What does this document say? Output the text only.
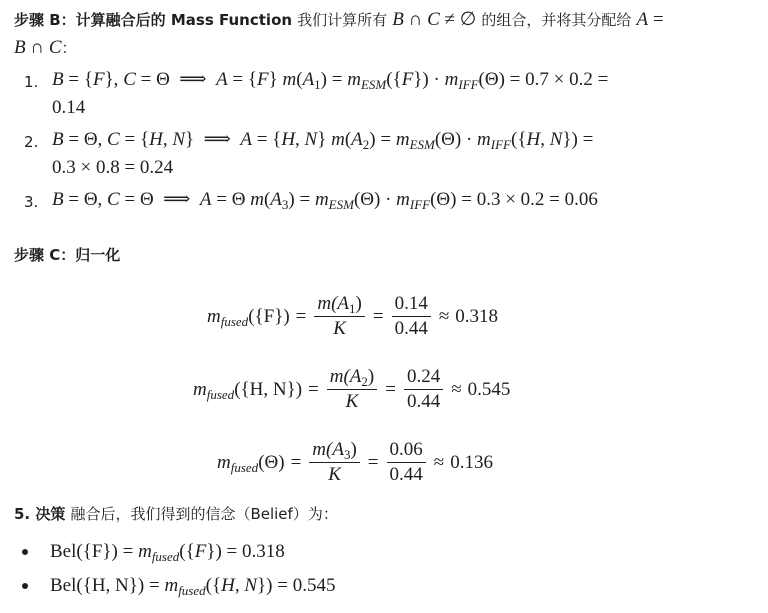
步骤 B：计算融合后的 Mass Function 我们计算所有 B ∩ C ≠ ∅ 的组合，并将其分配给 A =
B ∩ C：
1. B = {F}, C = Θ  ⟹  A = {F} $m(A_1) = m_{ESM}(\{F\}) \cdot m_{IFF}(\Theta) = 0.7 \times 0.2$ =
0.14
2. B = Θ, C = {H, N}  ⟹  A = {H, N} $m(A_2) = m_{ESM}(\Theta) \cdot m_{IFF}(\{H$, N}) =
0.3 × 0.8 = 0.24
3. B = Θ, C = Θ  ⟹  A = Θ $m(A_3) = m_{ESM}(\Theta) \cdot m_{IFF}(\Theta) = 0.3 \times 0.2 = 0.06$
步骤 C：归一化
$m_{fused}(\{F\}) = \frac{m(A_1)}{K} = \frac{0.14}{0.44} \approx 0.318$
$m_{fused}(\{H$, $N\}) = \frac{m(A_2)}{K} = \frac{0.24}{0.44} \approx 0.545$
$m_{fused}(\Theta) = \frac{m(A_3)}{K} = \frac{0.06}{0.44} \approx 0.136$
5. 决策 融合后，我们得到的信念（Belief）为：
$Bel(\{F\}) = m_{fused}(\{F\}) = 0.318$
Bel({H, $N\}) = m_{fused}(\{H$, N}) = 0.545
